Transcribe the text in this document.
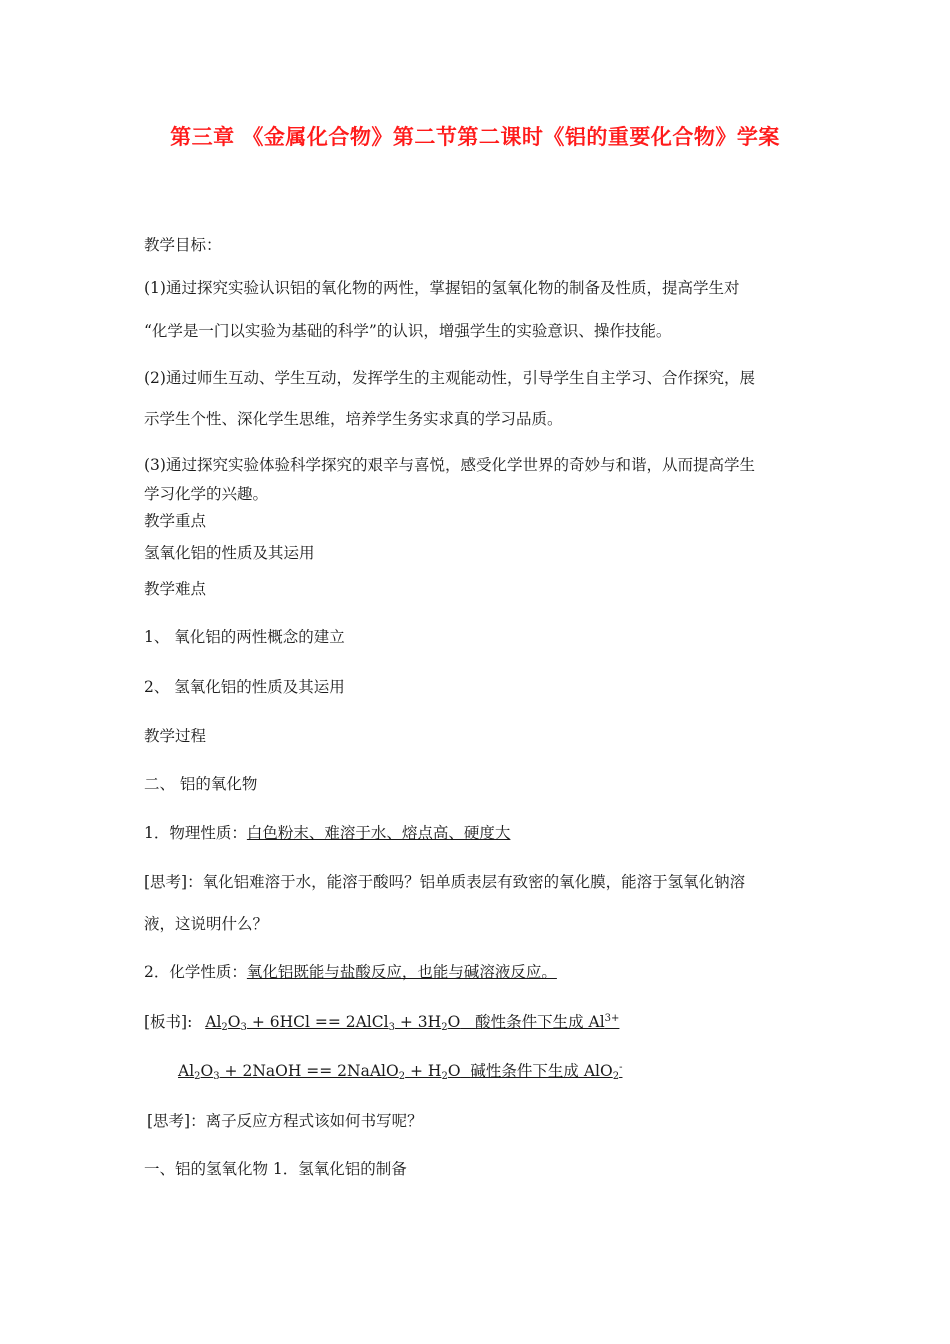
第三章 《金属化合物》第二节第二课时《铝的重要化合物》学案
教学目标：
(1)通过探究实验认识铝的氧化物的两性，掌握铝的氢氧化物的制备及性质，提高学生对
“化学是一门以实验为基础的科学”的认识，增强学生的实验意识、操作技能。
(2)通过师生互动、学生互动，发挥学生的主观能动性，引导学生自主学习、合作探究，展
示学生个性、深化学生思维，培养学生务实求真的学习品质。
(3)通过探究实验体验科学探究的艰辛与喜悦，感受化学世界的奇妙与和谐，从而提高学生
学习化学的兴趣。
教学重点
氢氧化铝的性质及其运用
教学难点
1、 氧化铝的两性概念的建立
2、 氢氧化铝的性质及其运用
教学过程
二、 铝的氧化物
1．物理性质：白色粉末、难溶于水、熔点高、硬度大
[思考]：氧化铝难溶于水，能溶于酸吗？铝单质表层有致密的氧化膜，能溶于氢氧化钠溶
液，这说明什么？
2．化学性质：氧化铝既能与盐酸反应，也能与碱溶液反应。
[板书]: $Al_2O_3 + 6HCl$ == 2AlCl$_3$ + $3H_2O$ 酸性条件下生成 $Al^{3+}$
$Al_2O_3$ + 2NaOH == 2NaAlO$_2$ + $H_2O$ 碱性条件下生成 AlO$_2$-
[思考]：离子反应方程式该如何书写呢？
一、铝的氢氧化物 1．氢氧化铝的制备
